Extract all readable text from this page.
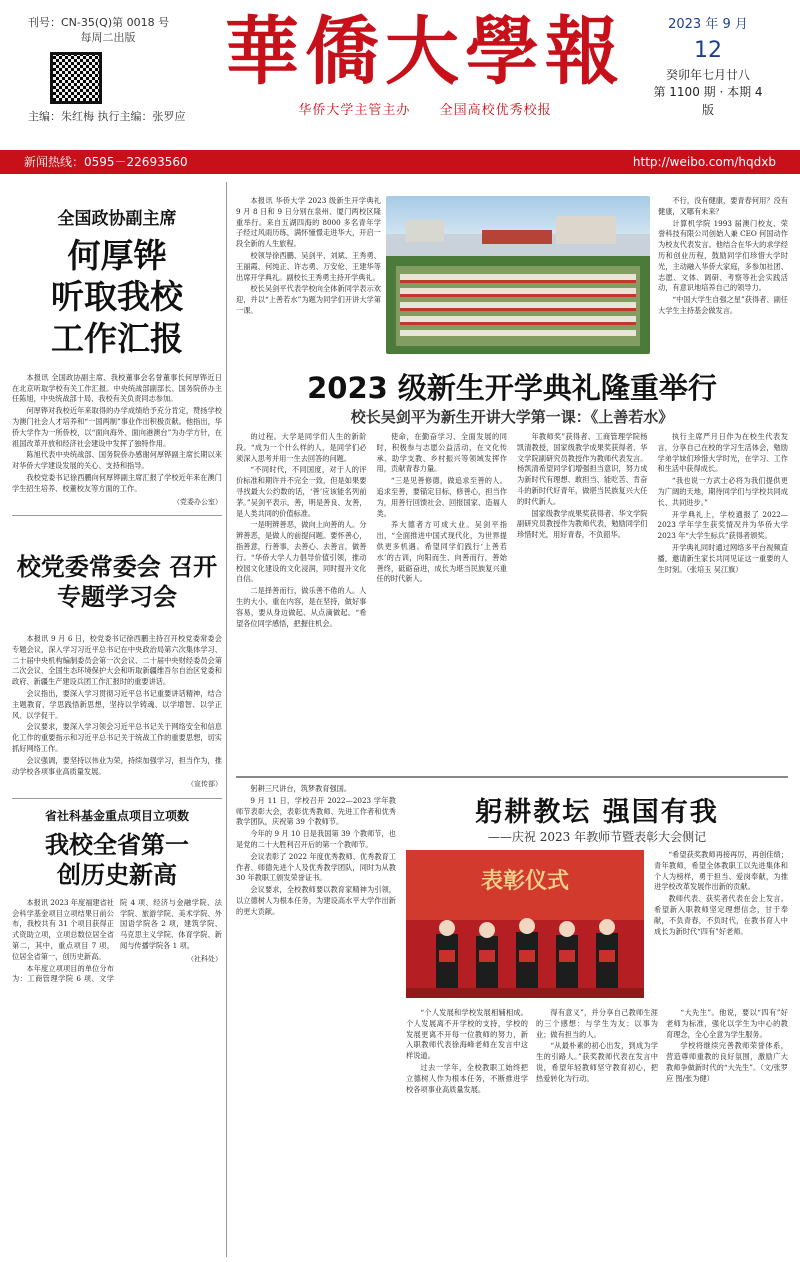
刊号：CN-35(Q)第 0018 号
每周二出版
主编：朱红梅 执行主编：张罗应
華僑大學報
华侨大学主管主办 全国高校优秀校报
2023 年 9 月
12
癸卯年七月廿八
第 1100 期 · 本期 4 版
新闻热线：0595－22693560	http://weibo.com/hqdxb
全国政协副主席
何厚铧
听取我校
工作汇报

本报讯 全国政协副主席、我校董事会名誉董事长何厚铧近日在北京听取学校有关工作汇报。中央统战部副部长、国务院侨办主任陈旭，中央统战部十局、我校有关负责同志参加。

何厚铧对我校近年来取得的办学成绩给予充分肯定，赞扬学校为澳门社会人才培养和“一国两制”事业作出积极贡献。他指出，华侨大学作为一所侨校，以“面向海外、面向港澳台”为办学方针，在祖国改革开放和经济社会建设中发挥了独特作用。

陈旭代表中央统战部、国务院侨办感谢何厚铧副主席长期以来对华侨大学建设发展的关心、支持和指导。

我校党委书记徐西鹏向何厚铧副主席汇报了学校近年来在澳门学生招生培养、校董校友等方面的工作。

（党委办公室）
校党委常委会 召开专题学习会

本报讯 9 月 6 日，校党委书记徐西鹏主持召开校党委常委会专题会议，深入学习习近平总书记在中央政治局第六次集体学习、二十届中央机构编制委员会第一次会议、二十届中央财经委员会第二次会议、全国生态环境保护大会和听取新疆维吾尔自治区党委和政府、新疆生产建设兵团工作汇报时的重要讲话。

会议指出，要深入学习贯彻习近平总书记重要讲话精神，结合主题教育，学思践悟新思想，坚持以学铸魂、以学增智、以学正风、以学促干。

会议要求，要深入学习领会习近平总书记关于网络安全和信息化工作的重要指示和习近平总书记关于统战工作的重要思想，切实抓好网络工作。

会议强调，要坚持以伟业为荣，持续加强学习，担当作为，推动学校各项事业高质量发展。

（宣传部）
省社科基金重点项目立项数
我校全省第一
创历史新高

本报讯 2023 年度福建省社会科学基金项目立项结果日前公布，我校共有 31 个项目获得正式资助立项，立项总数位居全省第二，其中，重点项目 7 项，位居全省第一，创历史新高。

本年度立项项目的单位分布为：工商管理学院 6 项、文学院 4 项、经济与金融学院、法学院、旅游学院、美术学院、外国语学院各 2 项，建筑学院、马克思主义学院、体育学院、新闻与传播学院各 1 项。

（社科处）

本报讯 华侨大学 2023 级新生开学典礼 9 月 8 日和 9 日分别在泉州、厦门两校区隆重举行。来自五湖四海的 8000 多名青年学子经过风雨历练，满怀憧憬走进华大，开启一段全新的人生旅程。

校领导徐西鹏、吴剑平、刘斌、王秀勇、王丽霞、何纯正、许志勇、万安伦、王建华等出席开学典礼。副校长王秀勇主持开学典礼。

校长吴剑平代表学校向全体新同学表示欢迎，并以“上善若水”为题为同学们开讲大学第一课。

不行，没有健康，要青春何用？没有健康，又哪有未来？

计算机学院 1993 届澳门校友、荣誉科技有限公司创始人兼 CEO 何国动作为校友代表发言。他结合在华大的求学经历和创业历程，鼓励同学们珍惜大学时光，主动融入华侨大家庭，多参加社团、志愿、文体、调研、考察等社会实践活动，有意识地培养自己的领导力。

“中国大学生自强之星”获得者、副任大学生主持基会做发言。

2023 级新生开学典礼隆重举行
校长吴剑平为新生开讲大学第一课：《上善若水》

的过程。大学是同学们人生的新阶段。“成为一个什么样的人，是同学们必须深入思考并用一生去回答的问题。

“不同时代，不同国度，对于人的评价标准和期许并不完全一致，但是如果要寻找最大公约数的话，‘善’应该能名列前茅。”吴剑平表示，善，明是善良、友善，是人类共同的价值标准。

一是明辨善恶，做向上向善的人。分辨善恶，是做人的前提问题。要怀善心，指善意，行善事，去善心、去善言，做善行。“华侨大学人力倡导价值引领，推动校园文化建设的文化浸润，同时提升文化自信。

二是择善而行，做乐善不倦的人。人生的大小、重在内容，是在坚持，做好事容易，要从身边做起、从点滴做起。“希望各位同学感悟，把握住机会。

使命，在勤奋学习、全面发展的同时，积极参与志愿公益活动，在文化传承、助学支教、乡村振兴等领域发挥作用，贡献青春力量。

“三是见善修德，做追求至善的人。追求至善，要锚定目标，修善心，担当作为，用善行回馈社会、回报国家、造福人类。

养大德者方可成大业。吴剑平指出，“全面推进中国式现代化，为世界提供更多机遇。希望同学们践行‘上善若水’的古训，向阳而生、向善而行，善始善终，砥砺奋进，成长为堪当民族复兴重任的时代新人。

年教师奖”获得者、工商管理学院杨凯清教授，国家级教学成果奖获得者、华文学院副研究员教授作为教师代表发言。杨凯清希望同学们增强担当意识，努力成为新时代有理想、敢担当、能吃苦、肯奋斗的新时代好青年，做堪当民族复兴大任的时代新人。

国家级教学成果奖获得者、华文学院副研究员教授作为教师代表，勉励同学们珍惜时光，用好青春，不负韶华。

执行主席严月日作为在校生代表发言，分享自己在校的学习生活体会，勉励学弟学妹们珍惜大学时光，在学习、工作和生活中获得成长。

“我也说一方武士必将为我们提供更为广阔的天地，期待同学们与学校共同成长、共同进步。”

开学典礼上，学校通报了 2022—2023 学年学生获奖情况并为华侨大学 2023 年“大学生标兵”获得者颁奖。

开学典礼同时通过网络多平台视频直播，邀请新生家长共同见证这一重要的人生时刻。（张培玉 吴江旗）

躬耕三尺讲台，筑梦教育强国。

9 月 11 日，学校召开 2022—2023 学年教师节表彰大会，表彰优秀教师、先进工作者和优秀教学团队，庆祝第 39 个教师节。

今年的 9 月 10 日是我国第 39 个教师节，也是党的二十大胜利召开后的第一个教师节。

会议表彰了 2022 年度优秀教师、优秀教育工作者、师德先进个人及优秀教学团队，同时为从教 30 年教职工颁发荣誉证书。

会议要求，全校教师要以教育家精神为引领，以立德树人为根本任务，为建设高水平大学作出新的更大贡献。

躬耕教坛 强国有我
——庆祝 2023 年教师节暨表彰大会侧记
表彰仪式

“希望获奖教师再接再厉，再创佳绩；青年教师，希望全体教职工以先进集体和个人为榜样，勇于担当、爱岗奉献，为推进学校改革发展作出新的贡献。

教师代表、获奖者代表在会上发言。希望新入职教师坚定理想信念，甘于奉献，不负青春，不负时代，在教书育人中成长为新时代“四有”好老师。

“个人发展和学校发展相辅相成。个人发展离不开学校的支持，学校的发展更离不开每一位教师的努力，新入职教师代表徐海峰老师在发言中这样说道。

过去一学年，全校教职工始终把立德树人作为根本任务，不断推进学校各项事业高质量发展。

得有意义”，并分享自己教师生涯的三个感想：与学生为友；以事为业；做有担当的人。

“从最朴素的初心出发，到成为学生的引路人。”获奖教师代表在发言中说，希望年轻教师坚守教育初心，把热爱转化为行动。

“大先生”。他说，要以“四有”好老师为标准，强化以学生为中心的教育理念，全心全意为学生服务。

学校将继续完善教师荣誉体系，营造尊师重教的良好氛围，激励广大教师争做新时代的“大先生”。（文/张罗应 图/张为健）
